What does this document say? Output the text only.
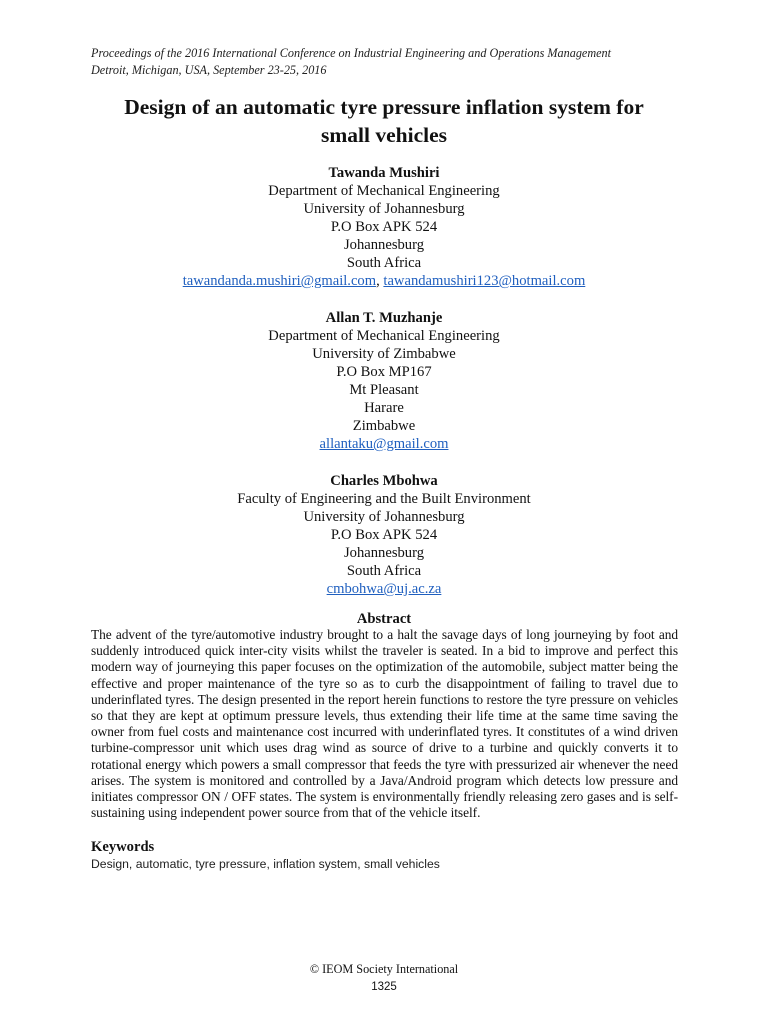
Proceedings of the 2016 International Conference on Industrial Engineering and Operations Management
Detroit, Michigan, USA, September 23-25, 2016
Design of an automatic tyre pressure inflation system for
small vehicles
Tawanda Mushiri
Department of Mechanical Engineering
University of Johannesburg
P.O Box APK 524
Johannesburg
South Africa
tawandanda.mushiri@gmail.com, tawandamushiri123@hotmail.com
Allan T. Muzhanje
Department of Mechanical Engineering
University of Zimbabwe
P.O Box MP167
Mt Pleasant
Harare
Zimbabwe
allantaku@gmail.com
Charles Mbohwa
Faculty of Engineering and the Built Environment
University of Johannesburg
P.O Box APK 524
Johannesburg
South Africa
cmbohwa@uj.ac.za
Abstract
The advent of the tyre/automotive industry brought to a halt the savage days of long journeying by foot and suddenly introduced quick inter-city visits whilst the traveler is seated. In a bid to improve and perfect this modern way of journeying this paper focuses on the optimization of the automobile, subject matter being the effective and proper maintenance of the tyre so as to curb the disappointment of failing to travel due to underinflated tyres. The design presented in the report herein functions to restore the tyre pressure on vehicles so that they are kept at optimum pressure levels, thus extending their life time at the same time saving the owner from fuel costs and maintenance cost incurred with underinflated tyres. It constitutes of a wind driven turbine-compressor unit which uses drag wind as source of drive to a turbine and quickly converts it to rotational energy which powers a small compressor that feeds the tyre with pressurized air whenever the need arises. The system is monitored and controlled by a Java/Android program which detects low pressure and initiates compressor ON / OFF states. The system is environmentally friendly releasing zero gases and is self-sustaining using independent power source from that of the vehicle itself.
Keywords
Design, automatic, tyre pressure, inflation system, small vehicles
© IEOM Society International
1325
